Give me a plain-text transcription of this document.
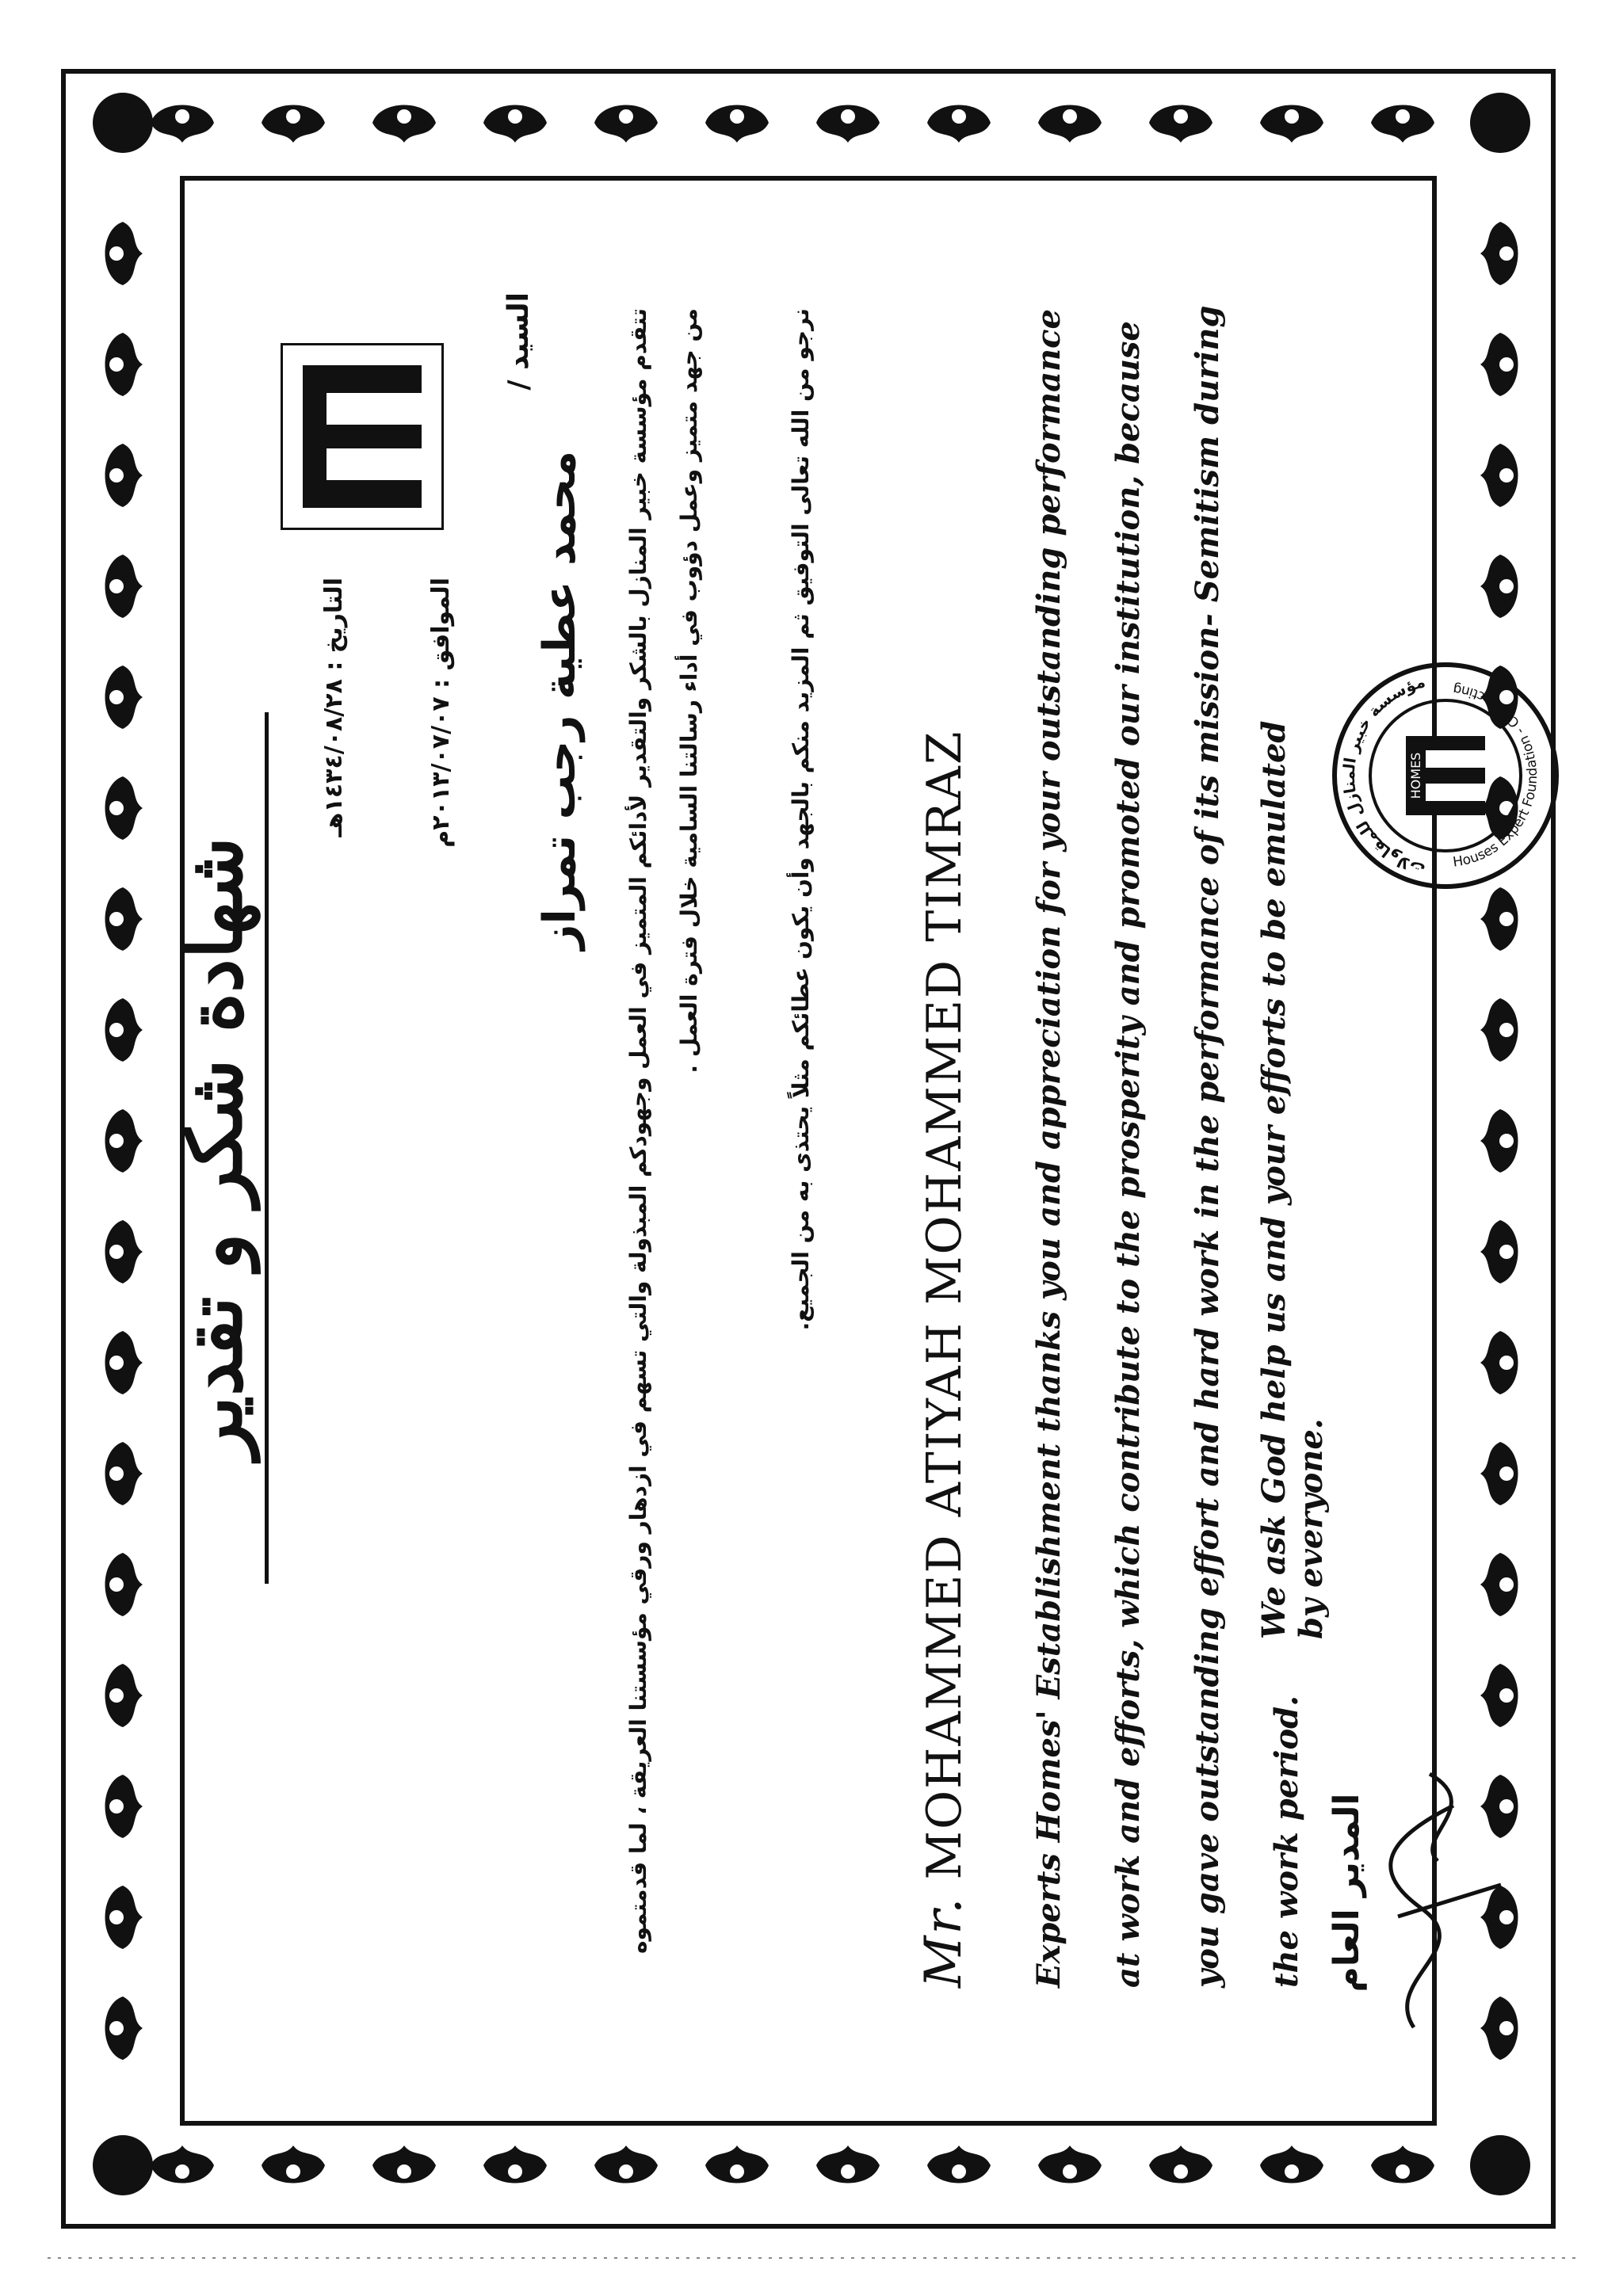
شهادة شكر و تقدير
التاريخ : ١٤٣٤/٠٨/٢٨هـ
الموافق : ٢٠١٣/٠٧/٠٧م
السيد /
محمد عطية رجب تمراز	تتقدم مؤسسة خبير المنازل بالشكر والتقدير لأدائكم المتميز في العمل وجهودكم المبذولة والتي تسهم في ازدهار ورقي مؤسستنا العريقة ، لما قدمتموه من جهد متميز وعمل دؤوب في أداء رسالتنا السامية خلال فترة العمل .	نرجو من الله تعالى التوفيق ثم المزيد منكم بالجهد وأن يكون عطائكم مثلاً يحتذى به من الجميع.
Mr. MOHAMMED ATIYAH MOHAMMED TIMRAZ	Experts Homes' Establishment thanks you and appreciation for your outstanding performance at work and efforts, which contribute to the prosperity and promoted our institution, because you gave outstanding effort and hard work in the performance of its mission- Semitism during the work period.
We ask God help us and your efforts to be emulated by everyone.
المدير العام
HOMES
مؤسسة خبير المنازل للمقاولات
Houses Expert Foundation - Contracting
